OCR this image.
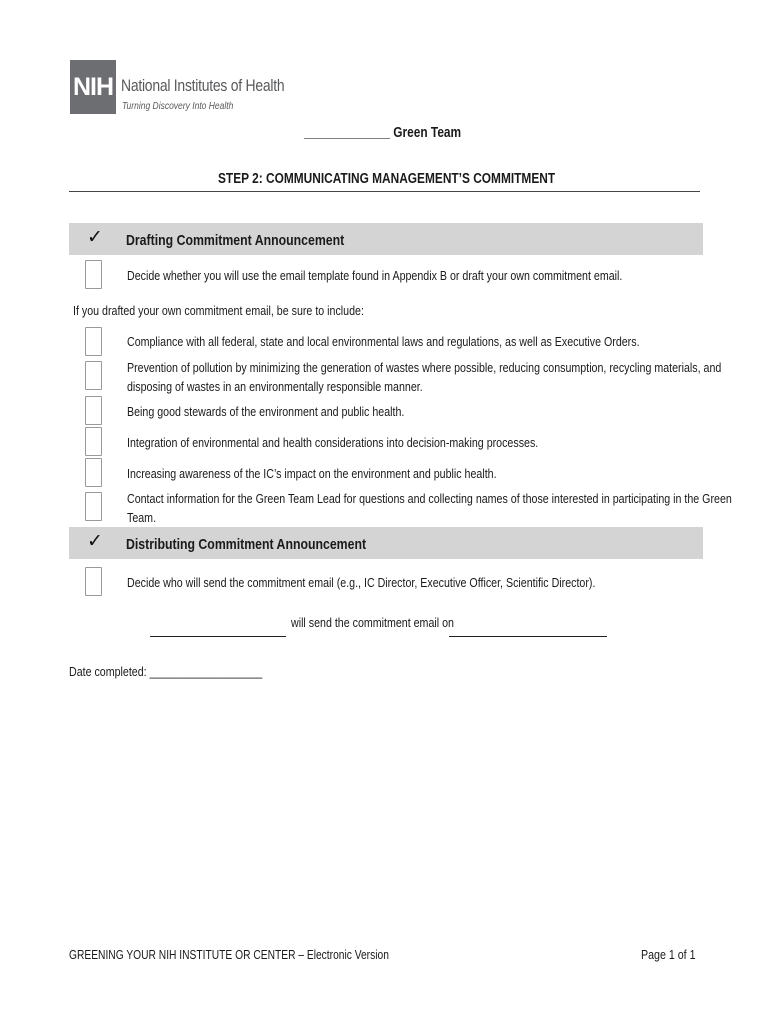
NIH National Institutes of Health
Turning Discovery Into Health
_____________ Green Team
STEP 2: COMMUNICATING MANAGEMENT’S COMMITMENT
✓ Drafting Commitment Announcement
Decide whether you will use the email template found in Appendix B or draft your own commitment email.
If you drafted your own commitment email, be sure to include:
Compliance with all federal, state and local environmental laws and regulations, as well as Executive Orders.
Prevention of pollution by minimizing the generation of wastes where possible, reducing consumption, recycling materials, and
disposing of wastes in an environmentally responsible manner.
Being good stewards of the environment and public health.
Integration of environmental and health considerations into decision-making processes.
Increasing awareness of the IC’s impact on the environment and public health.
Contact information for the Green Team Lead for questions and collecting names of those interested in participating in the Green
Team.
✓ Distributing Commitment Announcement
Decide who will send the commitment email (e.g., IC Director, Executive Officer, Scientific Director).
will send the commitment email on
Date completed: ___________________
GREENING YOUR NIH INSTITUTE OR CENTER – Electronic Version	Page 1 of 1
